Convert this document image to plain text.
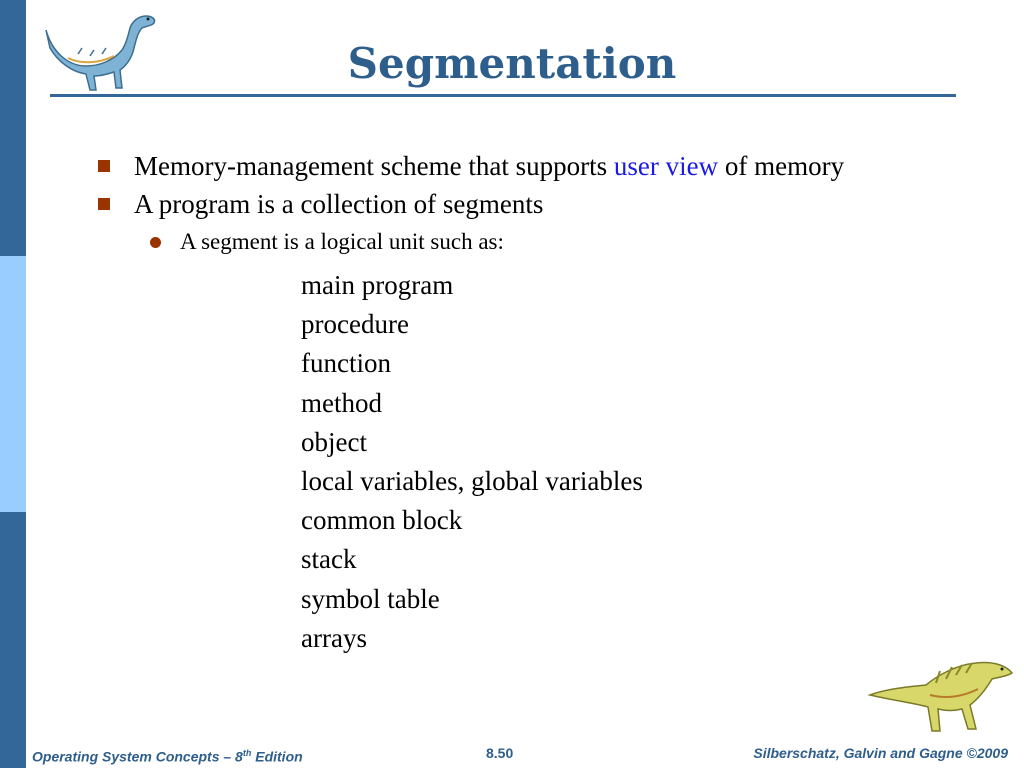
Segmentation
Memory-management scheme that supports user view of memory
A program is a collection of segments
A segment is a logical unit such as:
main program
procedure
function
method
object
local variables, global variables
common block
stack
symbol table
arrays
Operating System Concepts – 8th Edition	8.50	Silberschatz, Galvin and Gagne ©2009
